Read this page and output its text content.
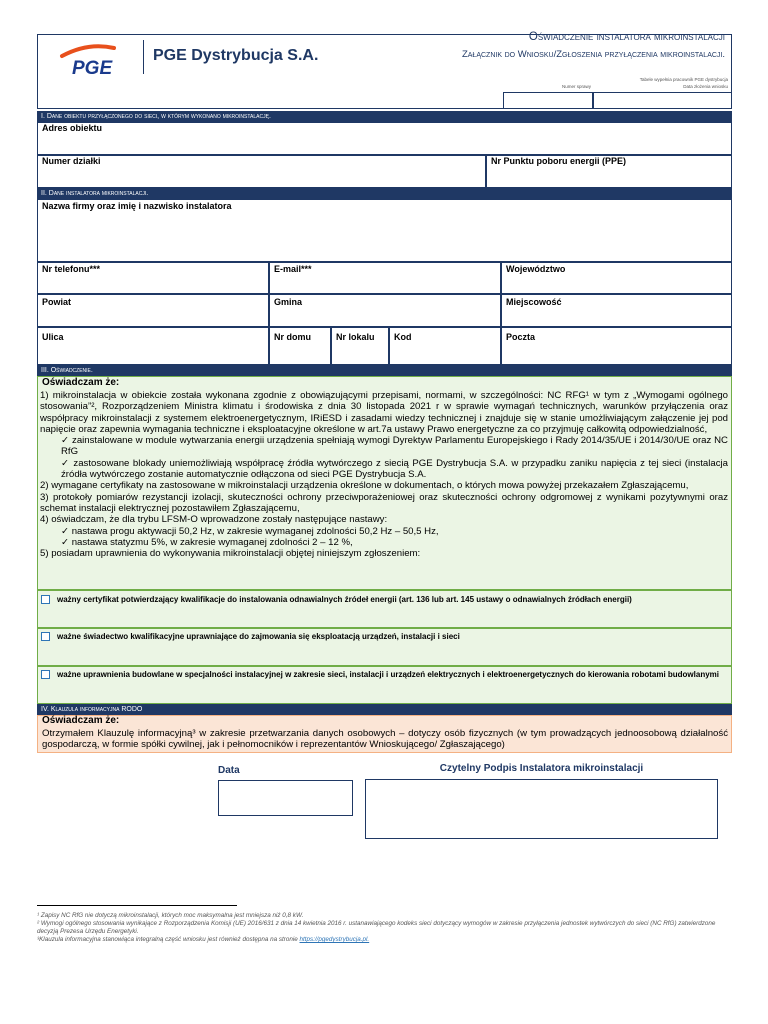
PGE
PGE Dystrybucja S.A.
Oświadczenie instalatora mikroinstalacji
Załącznik do Wniosku/Zgłoszenia przyłączenia mikroinstalacji.
Tabele wypełnia pracownik PGE dystrybucja
Numer sprawy	Data złożenia wniosku
I. Dane obiektu przyłączonego do sieci, w którym wykonano mikroinstalację.
Adres obiektu
Numer działki	Nr Punktu poboru energii (PPE)
II. Dane instalatora mikroinstalacji.
Nazwa firmy oraz imię i nazwisko instalatora
Nr telefonu***	E-mail***	Województwo
Powiat	Gmina	Miejscowość
Ulica	Nr domu	Nr lokalu	Kod	Poczta
III. Oświadczenie.
Oświadczam że:
1) mikroinstalacja w obiekcie została wykonana zgodnie z obowiązującymi przepisami, normami, w szczególności: NC RFG¹ w tym z „Wymogami ogólnego stosowania”², Rozporządzeniem Ministra klimatu i środowiska z dnia 30 listopada 2021 r w sprawie wymagań technicznych, warunków przyłączenia oraz współpracy mikroinstalacji z systemem elektroenergetycznym, IRiESD i zasadami wiedzy technicznej i znajduje się w stanie umożliwiającym załączenie jej pod napięcie oraz zapewnia wymagania techniczne i eksploatacyjne określone w art.7a ustawy Prawo energetyczne za co przyjmuję całkowitą odpowiedzialność,
✓ zainstalowane w module wytwarzania energii urządzenia spełniają wymogi Dyrektyw Parlamentu Europejskiego i Rady 2014/35/UE i 2014/30/UE oraz NC RfG
✓ zastosowane blokady uniemożliwiają współpracę źródła wytwórczego z siecią PGE Dystrybucja S.A. w przypadku zaniku napięcia z tej sieci (instalacja źródła wytwórczego zostanie automatycznie odłączona od sieci PGE Dystrybucja S.A.
2) wymagane certyfikaty na zastosowane w mikroinstalacji urządzenia określone w dokumentach, o których mowa powyżej przekazałem Zgłaszającemu,
3) protokoły pomiarów rezystancji izolacji, skuteczności ochrony przeciwporażeniowej oraz skuteczności ochrony odgromowej z wynikami pozytywnymi oraz schemat instalacji elektrycznej pozostawiłem Zgłaszającemu,
4) oświadczam, że dla trybu LFSM-O wprowadzone zostały następujące nastawy:
✓ nastawa progu aktywacji 50,2 Hz, w zakresie wymaganej zdolności 50,2 Hz – 50,5 Hz,
✓ nastawa statyzmu 5%, w zakresie wymaganej zdolności 2 – 12 %,
5) posiadam uprawnienia do wykonywania mikroinstalacji objętej niniejszym zgłoszeniem:
ważny certyfikat potwierdzający kwalifikacje do instalowania odnawialnych źródeł energii (art. 136 lub art. 145 ustawy o odnawialnych źródłach energii)
ważne świadectwo kwalifikacyjne uprawniające do zajmowania się eksploatacją urządzeń, instalacji i sieci
ważne uprawnienia budowlane w specjalności instalacyjnej w zakresie sieci, instalacji i urządzeń elektrycznych i elektroenergetycznych do kierowania robotami budowlanymi
IV. Klauzula informacyjna RODO
Oświadczam że:
Otrzymałem Klauzulę informacyjną³ w zakresie przetwarzania danych osobowych – dotyczy osób fizycznych (w tym prowadzących jednoosobową działalność gospodarczą, w formie spółki cywilnej, jak i pełnomocników i reprezentantów Wnioskującego/ Zgłaszającego)
Data	Czytelny Podpis Instalatora mikroinstalacji
¹ Zapisy NC RfG nie dotyczą mikroinstalacji, których moc maksymalna jest mniejsza niż 0,8 kW.
² Wymogi ogólnego stosowania wynikające z Rozporządzenia Komisji (UE) 2016/631 z dnia 14 kwietnia 2016 r. ustanawiającego kodeks sieci dotyczący wymogów w zakresie przyłączenia jednostek wytwórczych do sieci (NC RfG) zatwierdzone decyzją Prezesa Urzędu Energetyki.
³Klauzula informacyjna stanowiąca integralną część wniosku jest również dostępna na stronie https://pgedystrybucja.pl.
